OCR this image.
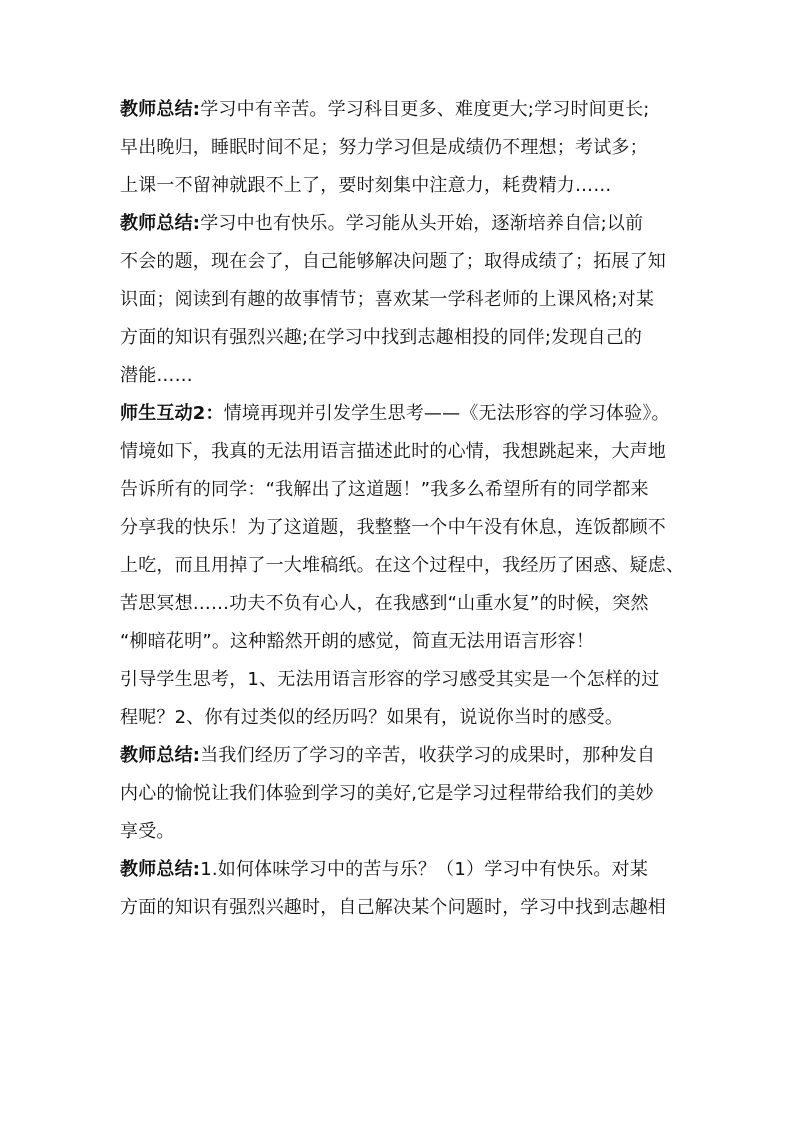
教师总结:学习中有辛苦。学习科目更多、难度更大;学习时间更长;

早出晚归，睡眠时间不足；努力学习但是成绩仍不理想；考试多；

上课一不留神就跟不上了，要时刻集中注意力，耗费精力……

教师总结:学习中也有快乐。学习能从头开始，逐渐培养自信;以前

不会的题，现在会了，自己能够解决问题了；取得成绩了；拓展了知

识面；阅读到有趣的故事情节；喜欢某一学科老师的上课风格;对某

方面的知识有强烈兴趣;在学习中找到志趣相投的同伴;发现自己的

潜能……

师生互动2：情境再现并引发学生思考——《无法形容的学习体验》。

情境如下，我真的无法用语言描述此时的心情，我想跳起来，大声地

告诉所有的同学：“我解出了这道题！”我多么希望所有的同学都来

分享我的快乐！为了这道题，我整整一个中午没有休息，连饭都顾不

上吃，而且用掉了一大堆稿纸。在这个过程中，我经历了困惑、疑虑、

苦思冥想……功夫不负有心人，在我感到“山重水复”的时候，突然

“柳暗花明”。这种豁然开朗的感觉，简直无法用语言形容！

引导学生思考，1、无法用语言形容的学习感受其实是一个怎样的过

程呢？2、你有过类似的经历吗？如果有，说说你当时的感受。

教师总结:当我们经历了学习的辛苦，收获学习的成果时，那种发自

内心的愉悦让我们体验到学习的美好,它是学习过程带给我们的美妙

享受。

教师总结:1.如何体味学习中的苦与乐？（1）学习中有快乐。对某

方面的知识有强烈兴趣时，自己解决某个问题时，学习中找到志趣相
